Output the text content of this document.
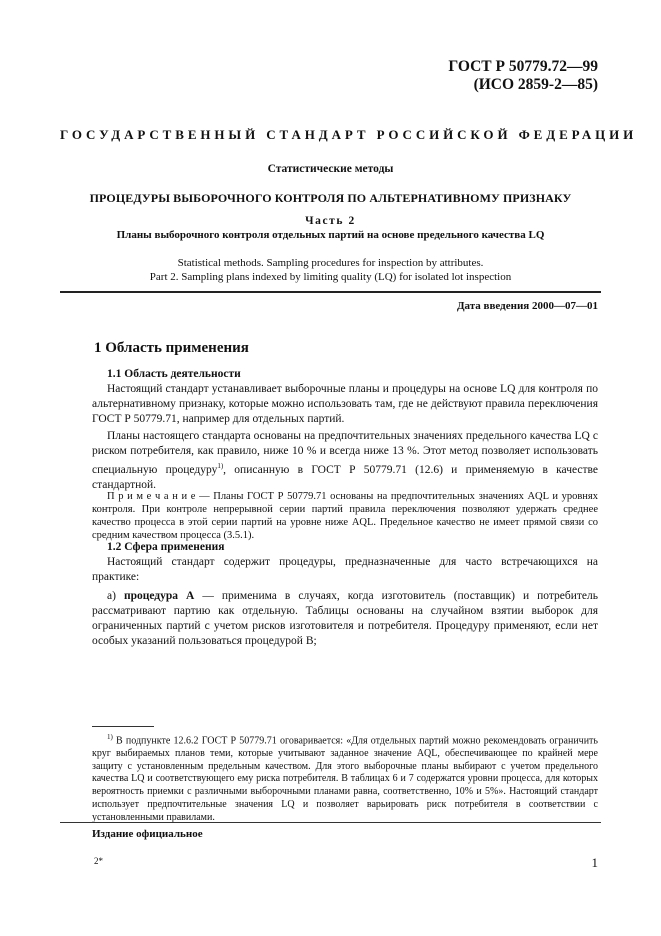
ГОСТ Р 50779.72—99
(ИСО 2859-2—85)
ГОСУДАРСТВЕННЫЙ СТАНДАРТ РОССИЙСКОЙ ФЕДЕРАЦИИ
Статистические методы
ПРОЦЕДУРЫ ВЫБОРОЧНОГО КОНТРОЛЯ ПО АЛЬТЕРНАТИВНОМУ ПРИЗНАКУ
Часть 2
Планы выборочного контроля отдельных партий на основе предельного качества LQ
Statistical methods. Sampling procedures for inspection by attributes.
Part 2. Sampling plans indexed by limiting quality (LQ) for isolated lot inspection
Дата введения 2000—07—01
1 Область применения

1.1 Область деятельности

Настоящий стандарт устанавливает выборочные планы и процедуры на основе LQ для контроля по альтернативному признаку, которые можно использовать там, где не действуют правила переключения ГОСТ Р 50779.71, например для отдельных партий.

Планы настоящего стандарта основаны на предпочтительных значениях предельного качества LQ с риском потребителя, как правило, ниже 10 % и всегда ниже 13 %. Этот метод позволяет использовать специальную процедуру$^{1)}$, описанную в ГОСТ Р 50779.71 (12.6) и применяемую в качестве стандартной.

П р и м е ч а н и е — Планы ГОСТ Р 50779.71 основаны на предпочтительных значениях AQL и уровнях контроля. При контроле непрерывной серии партий правила переключения позволяют удержать среднее качество процесса в этой серии партий на уровне ниже AQL. Предельное качество не имеет прямой связи со средним качеством процесса (3.5.1).

1.2 Сфера применения

Настоящий стандарт содержит процедуры, предназначенные для часто встречающихся на практике:

а) процедура А — применима в случаях, когда изготовитель (поставщик) и потребитель рассматривают партию как отдельную. Таблицы основаны на случайном взятии выборок для ограниченных партий с учетом рисков изготовителя и потребителя. Процедуру применяют, если нет особых указаний пользоваться процедурой В;

$^{1)}$ В подпункте 12.6.2 ГОСТ Р 50779.71 оговаривается: «Для отдельных партий можно рекомендовать ограничить круг выбираемых планов теми, которые учитывают заданное значение AQL, обеспечивающее по крайней мере защиту с установленным предельным качеством. Для этого выборочные планы выбирают с учетом предельного качества LQ и соответствующего ему риска потребителя. В таблицах 6 и 7 содержатся уровни процесса, для которых вероятность приемки с различными выборочными планами равна, соответственно, 10% и 5%». Настоящий стандарт использует предпочтительные значения LQ и позволяет варьировать риск потребителя в соответствии с установленными правилами.
Издание официальное
2*	1
